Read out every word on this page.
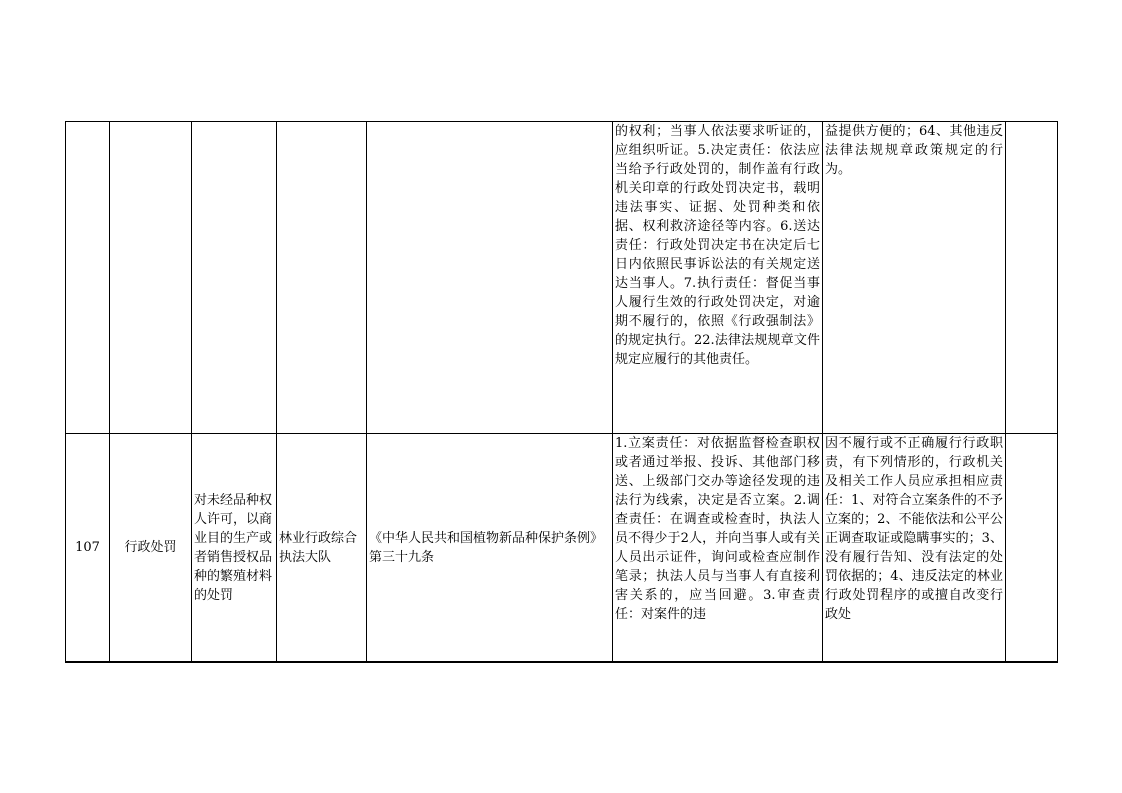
					的权利；当事人依法要求听证的，应组织听证。5.决定责任：依法应当给予行政处罚的，制作盖有行政机关印章的行政处罚决定书，载明违法事实、证据、处罚种类和依据、权利救济途径等内容。6.送达责任：行政处罚决定书在决定后七日内依照民事诉讼法的有关规定送达当事人。7.执行责任：督促当事人履行生效的行政处罚决定，对逾期不履行的，依照《行政强制法》的规定执行。22.法律法规规章文件规定应履行的其他责任。	益提供方便的；64、其他违反法律法规规章政策规定的行为。	
107	行政处罚	对未经品种权人许可，以商业目的生产或者销售授权品种的繁殖材料的处罚	林业行政综合执法大队	《中华人民共和国植物新品种保护条例》第三十九条	1.立案责任：对依据监督检查职权或者通过举报、投诉、其他部门移送、上级部门交办等途径发现的违法行为线索，决定是否立案。2.调查责任：在调查或检查时，执法人员不得少于2人，并向当事人或有关人员出示证件，询问或检查应制作笔录；执法人员与当事人有直接利害关系的，应当回避。3.审查责任：对案件的违	因不履行或不正确履行行政职责，有下列情形的，行政机关及相关工作人员应承担相应责任：1、对符合立案条件的不予立案的；2、不能依法和公平公正调查取证或隐瞒事实的；3、没有履行告知、没有法定的处罚依据的；4、违反法定的林业行政处罚程序的或擅自改变行政处	
